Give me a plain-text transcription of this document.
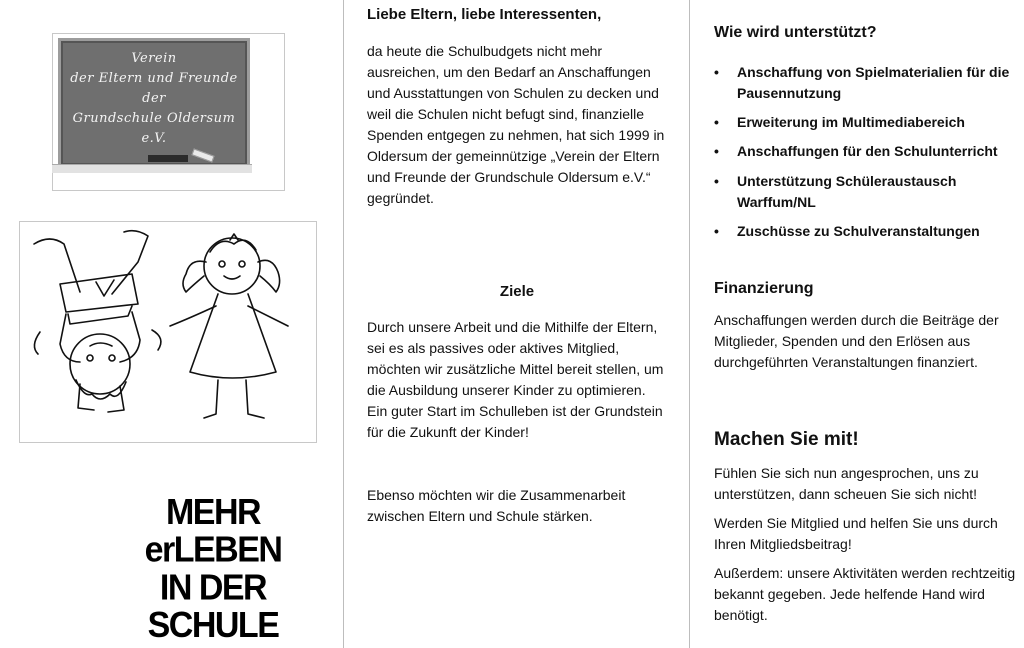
Verein
der Eltern und Freunde
der
Grundschule Oldersum
e.V.
MEHR
erLEBEN
IN DER
SCHULE
Liebe Eltern, liebe Interessenten,
da heute die Schulbudgets nicht mehr ausreichen, um den Bedarf an Anschaffungen und Ausstattungen von Schulen zu decken und weil die Schulen nicht befugt sind, finanzielle Spenden entgegen zu nehmen, hat sich 1999 in Oldersum der gemeinnützige „Verein der Eltern und Freunde der Grundschule Oldersum e.V.“ gegründet.
Ziele
Durch unsere Arbeit und die Mithilfe der Eltern, sei es als passives oder aktives Mitglied, möchten wir zusätzliche Mittel bereit stellen, um die Ausbildung unserer Kinder zu optimieren. Ein guter Start im Schulleben ist der Grundstein für die Zukunft der Kinder!
Ebenso möchten wir die Zusammenarbeit zwischen Eltern und Schule stärken.
Wie wird unterstützt?
• Anschaffung von Spielmaterialien für die Pausennutzung
• Erweiterung im Multimediabereich
• Anschaffungen für den Schulunterricht
• Unterstützung Schüleraustausch Warffum/NL
• Zuschüsse zu Schulveranstaltungen
Finanzierung
Anschaffungen werden durch die Beiträge der Mitglieder, Spenden und den Erlösen aus durchgeführten Veranstaltungen finanziert.
Machen Sie mit!
Fühlen Sie sich nun angesprochen, uns zu unterstützen, dann scheuen Sie sich nicht!
Werden Sie Mitglied und helfen Sie uns durch Ihren Mitgliedsbeitrag!
Außerdem: unsere Aktivitäten werden rechtzeitig bekannt gegeben. Jede helfende Hand wird benötigt.
